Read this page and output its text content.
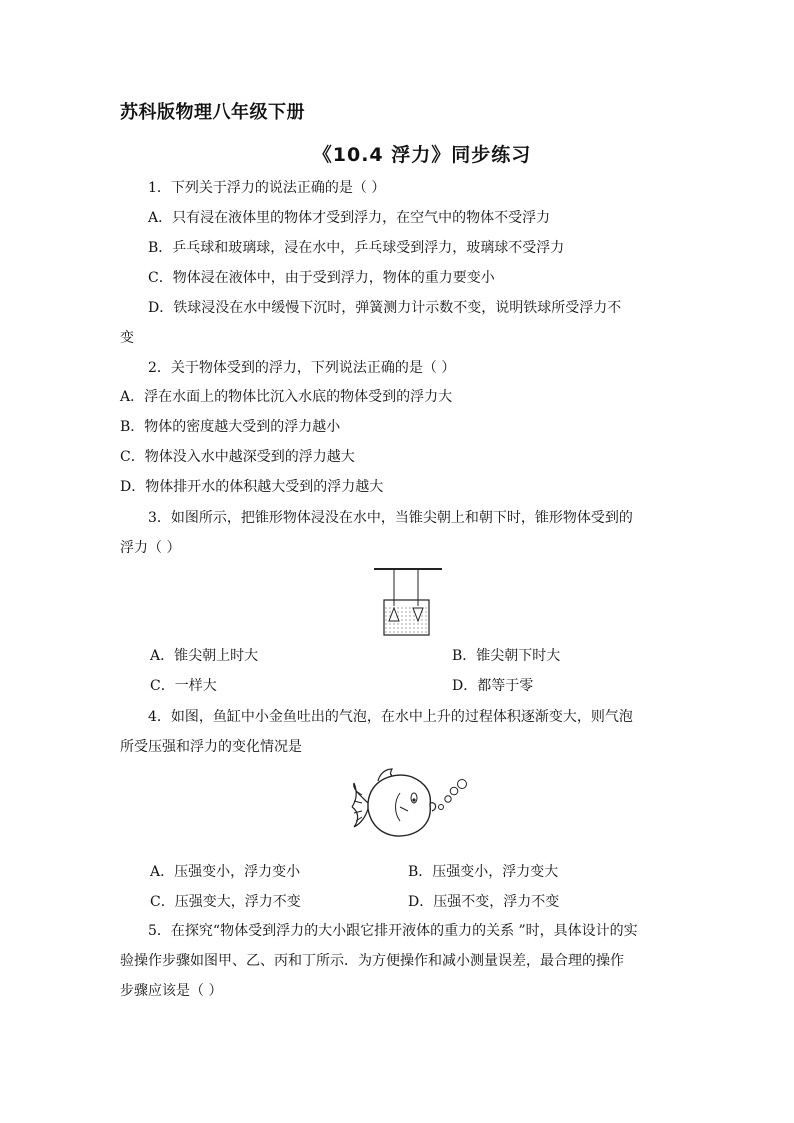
苏科版物理八年级下册
《10.4 浮力》同步练习
1．下列关于浮力的说法正确的是（ ）
A．只有浸在液体里的物体才受到浮力，在空气中的物体不受浮力
B．乒乓球和玻璃球，浸在水中，乒乓球受到浮力，玻璃球不受浮力
C．物体浸在液体中，由于受到浮力，物体的重力要变小
D．铁球浸没在水中缓慢下沉时，弹簧测力计示数不变，说明铁球所受浮力不
变
2．关于物体受到的浮力，下列说法正确的是（ ）
A．浮在水面上的物体比沉入水底的物体受到的浮力大
B．物体的密度越大受到的浮力越小
C．物体没入水中越深受到的浮力越大
D．物体排开水的体积越大受到的浮力越大
3．如图所示，把锥形物体浸没在水中，当锥尖朝上和朝下时，锥形物体受到的
浮力（ ）
A．锥尖朝上时大	B．锥尖朝下时大
C．一样大	D．都等于零
4．如图，鱼缸中小金鱼吐出的气泡，在水中上升的过程体积逐渐变大，则气泡
所受压强和浮力的变化情况是
A．压强变小，浮力变小	B．压强变小，浮力变大
C．压强变大，浮力不变	D．压强不变，浮力不变
5．在探究“物体受到浮力的大小跟它排开液体的重力的关系 ”时，具体设计的实
验操作步骤如图甲、乙、丙和丁所示．为方便操作和减小测量误差，最合理的操作
步骤应该是（ ）
